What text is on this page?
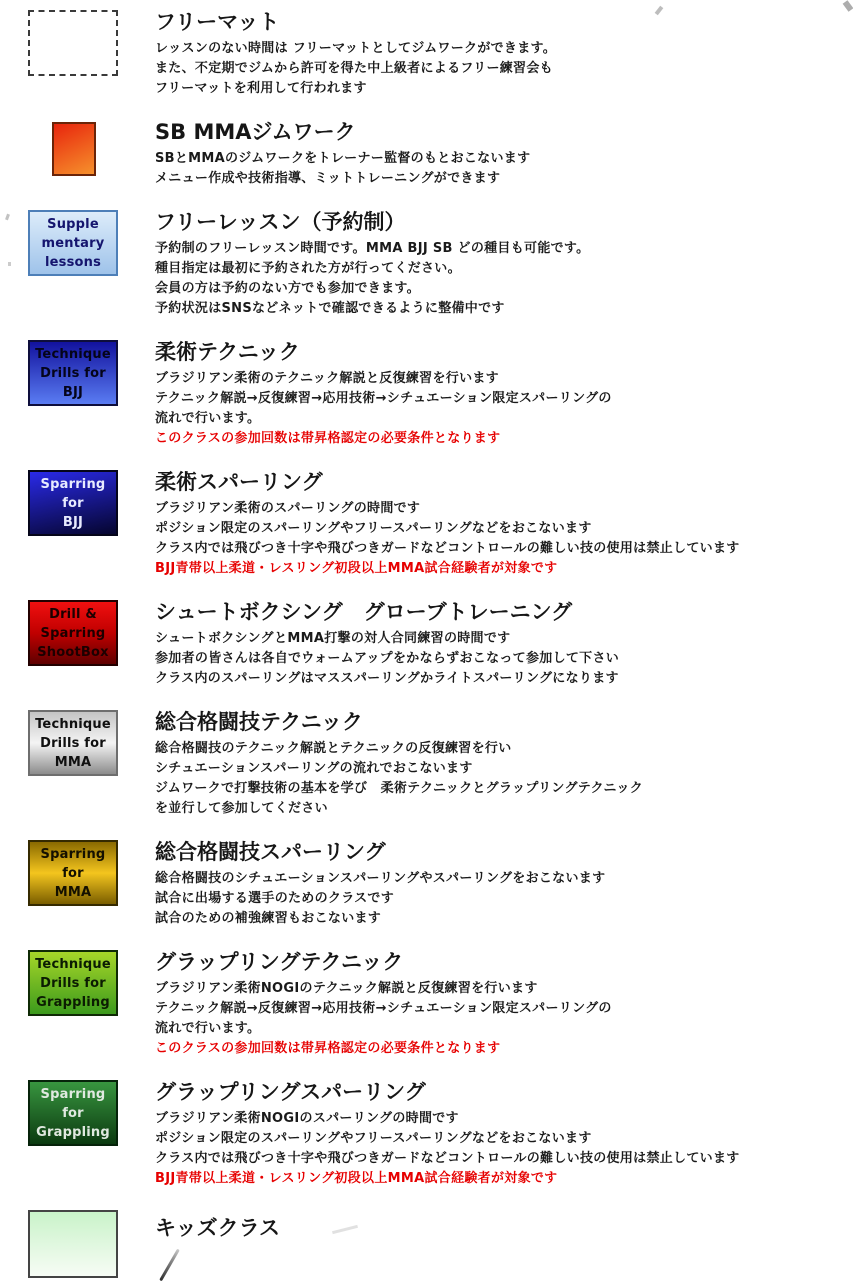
フリーマット
レッスンのない時間は フリーマットとしてジムワークができます。
また、不定期でジムから許可を得た中上級者によるフリー練習会も
フリーマットを利用して行われます
SB MMAジムワーク
SBとMMAのジムワークをトレーナー監督のもとおこないます
メニュー作成や技術指導、ミットトレーニングができます
Supple
mentary
lessons
フリーレッスン（予約制）
予約制のフリーレッスン時間です。MMA BJJ SB どの種目も可能です。
種目指定は最初に予約された方が行ってください。
会員の方は予約のない方でも参加できます。
予約状況はSNSなどネットで確認できるように整備中です
Technique
Drills for
BJJ
柔術テクニック
ブラジリアン柔術のテクニック解説と反復練習を行います
テクニック解説→反復練習→応用技術→シチュエーション限定スパーリングの
流れで行います。
このクラスの参加回数は帯昇格認定の必要条件となります
Sparring
for
BJJ
柔術スパーリング
ブラジリアン柔術のスパーリングの時間です
ポジション限定のスパーリングやフリースパーリングなどをおこないます
クラス内では飛びつき十字や飛びつきガードなどコントロールの難しい技の使用は禁止しています
BJJ青帯以上柔道・レスリング初段以上MMA試合経験者が対象です
Drill &
Sparring
ShootBox
シュートボクシング　グローブトレーニング
シュートボクシングとMMA打撃の対人合同練習の時間です
参加者の皆さんは各自でウォームアップをかならずおこなって参加して下さい
クラス内のスパーリングはマススパーリングかライトスパーリングになります
Technique
Drills for
MMA
総合格闘技テクニック
総合格闘技のテクニック解説とテクニックの反復練習を行い
シチュエーションスパーリングの流れでおこないます
ジムワークで打撃技術の基本を学び　柔術テクニックとグラップリングテクニック
を並行して参加してください
Sparring
for
MMA
総合格闘技スパーリング
総合格闘技のシチュエーションスパーリングやスパーリングをおこないます
試合に出場する選手のためのクラスです
試合のための補強練習もおこないます
Technique
Drills for
Grappling
グラップリングテクニック
ブラジリアン柔術NOGIのテクニック解説と反復練習を行います
テクニック解説→反復練習→応用技術→シチュエーション限定スパーリングの
流れで行います。
このクラスの参加回数は帯昇格認定の必要条件となります
Sparring
for
Grappling
グラップリングスパーリング
ブラジリアン柔術NOGIのスパーリングの時間です
ポジション限定のスパーリングやフリースパーリングなどをおこないます
クラス内では飛びつき十字や飛びつきガードなどコントロールの難しい技の使用は禁止しています
BJJ青帯以上柔道・レスリング初段以上MMA試合経験者が対象です
キッズクラス
